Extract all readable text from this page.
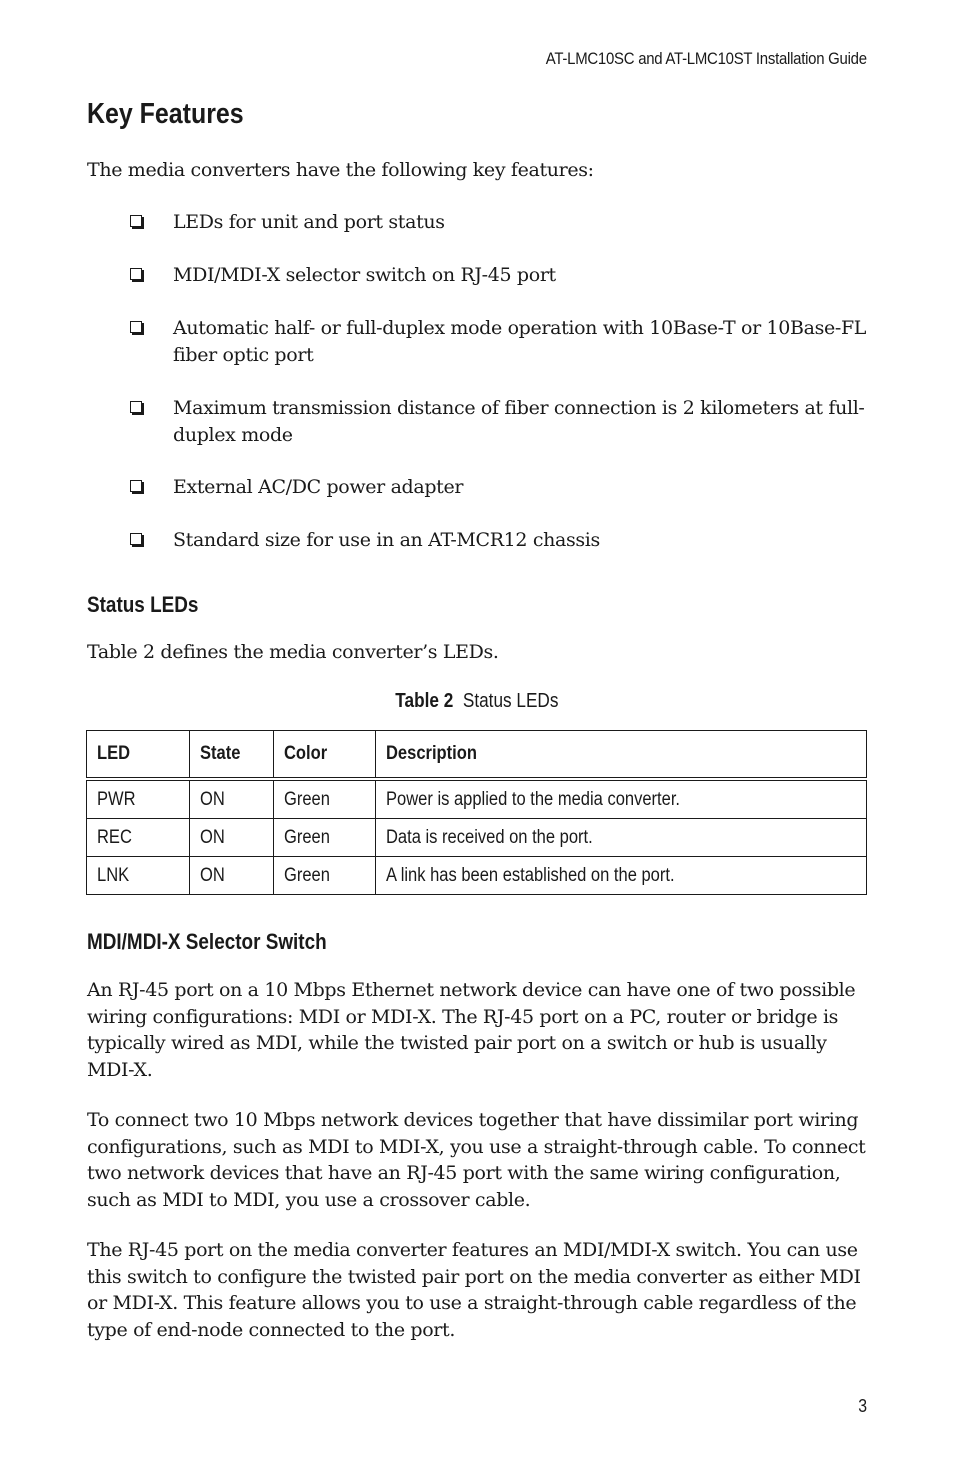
AT-LMC10SC and AT-LMC10ST Installation Guide
Key Features

The media converters have the following key features:

LEDs for unit and port status
MDI/MDI-X selector switch on RJ-45 port
Automatic half- or full-duplex mode operation with 10Base-T or 10Base-FL fiber optic port
Maximum transmission distance of fiber connection is 2 kilometers at full-duplex mode
External AC/DC power adapter
Standard size for use in an AT-MCR12 chassis
Status LEDs

Table 2 defines the media converter’s LEDs.

Table 2 Status LEDs
LED	State	Color	Description
PWR	ON	Green	Power is applied to the media converter.
REC	ON	Green	Data is received on the port.
LNK	ON	Green	A link has been established on the port.
MDI/MDI-X Selector Switch

An RJ-45 port on a 10 Mbps Ethernet network device can have one of two possible wiring configurations: MDI or MDI-X. The RJ-45 port on a PC, router or bridge is typically wired as MDI, while the twisted pair port on a switch or hub is usually MDI-X.

To connect two 10 Mbps network devices together that have dissimilar port wiring configurations, such as MDI to MDI-X, you use a straight-through cable. To connect two network devices that have an RJ-45 port with the same wiring configuration, such as MDI to MDI, you use a crossover cable.

The RJ-45 port on the media converter features an MDI/MDI-X switch. You can use this switch to configure the twisted pair port on the media converter as either MDI or MDI-X. This feature allows you to use a straight-through cable regardless of the type of end-node connected to the port.

3
